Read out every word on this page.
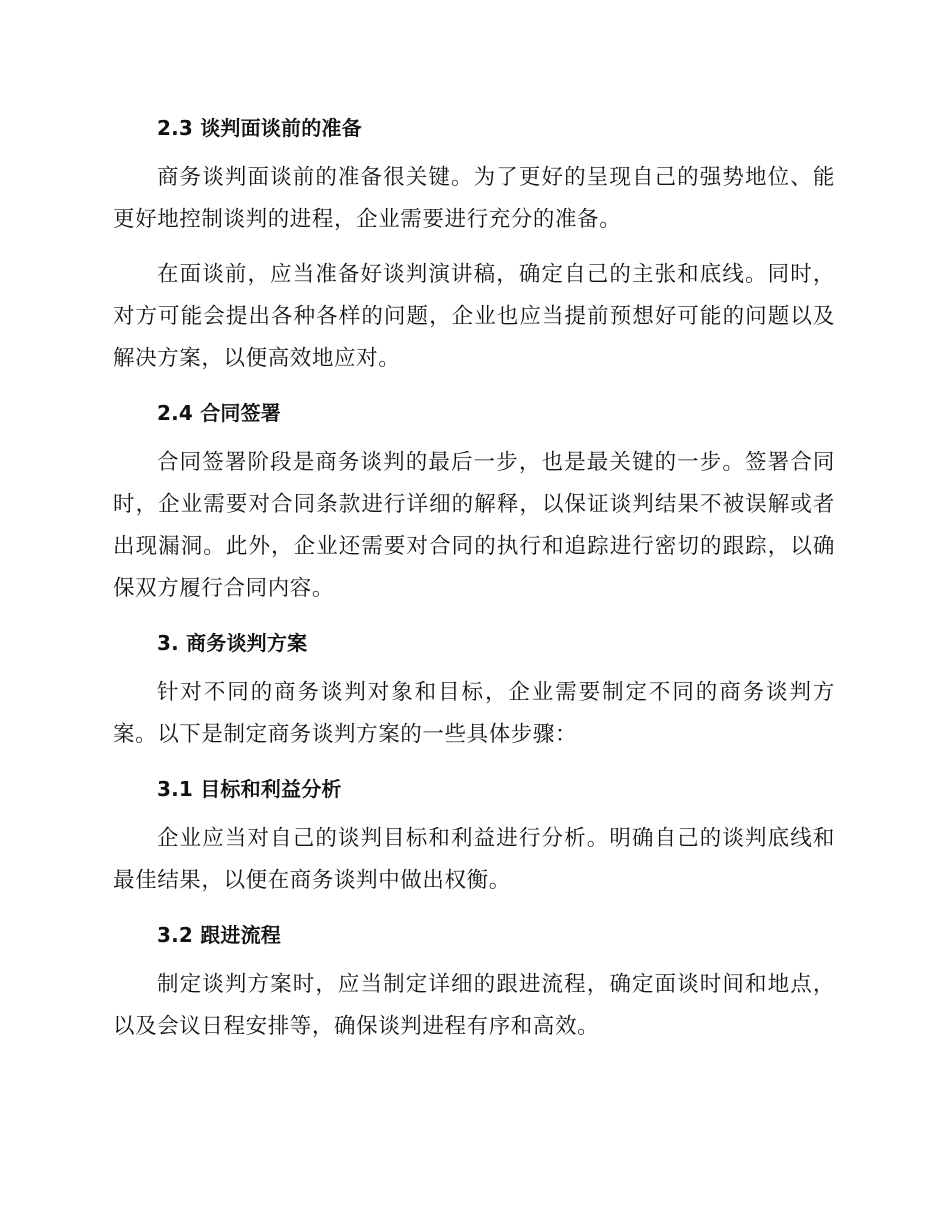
2.3 谈判面谈前的准备

商务谈判面谈前的准备很关键。为了更好的呈现自己的强势地位、能更好地控制谈判的进程，企业需要进行充分的准备。

在面谈前，应当准备好谈判演讲稿，确定自己的主张和底线。同时，对方可能会提出各种各样的问题，企业也应当提前预想好可能的问题以及解决方案，以便高效地应对。

2.4 合同签署

合同签署阶段是商务谈判的最后一步，也是最关键的一步。签署合同时，企业需要对合同条款进行详细的解释，以保证谈判结果不被误解或者出现漏洞。此外，企业还需要对合同的执行和追踪进行密切的跟踪，以确保双方履行合同内容。

3. 商务谈判方案

针对不同的商务谈判对象和目标，企业需要制定不同的商务谈判方案。以下是制定商务谈判方案的一些具体步骤：

3.1 目标和利益分析

企业应当对自己的谈判目标和利益进行分析。明确自己的谈判底线和最佳结果，以便在商务谈判中做出权衡。

3.2 跟进流程

制定谈判方案时，应当制定详细的跟进流程，确定面谈时间和地点，以及会议日程安排等，确保谈判进程有序和高效。
